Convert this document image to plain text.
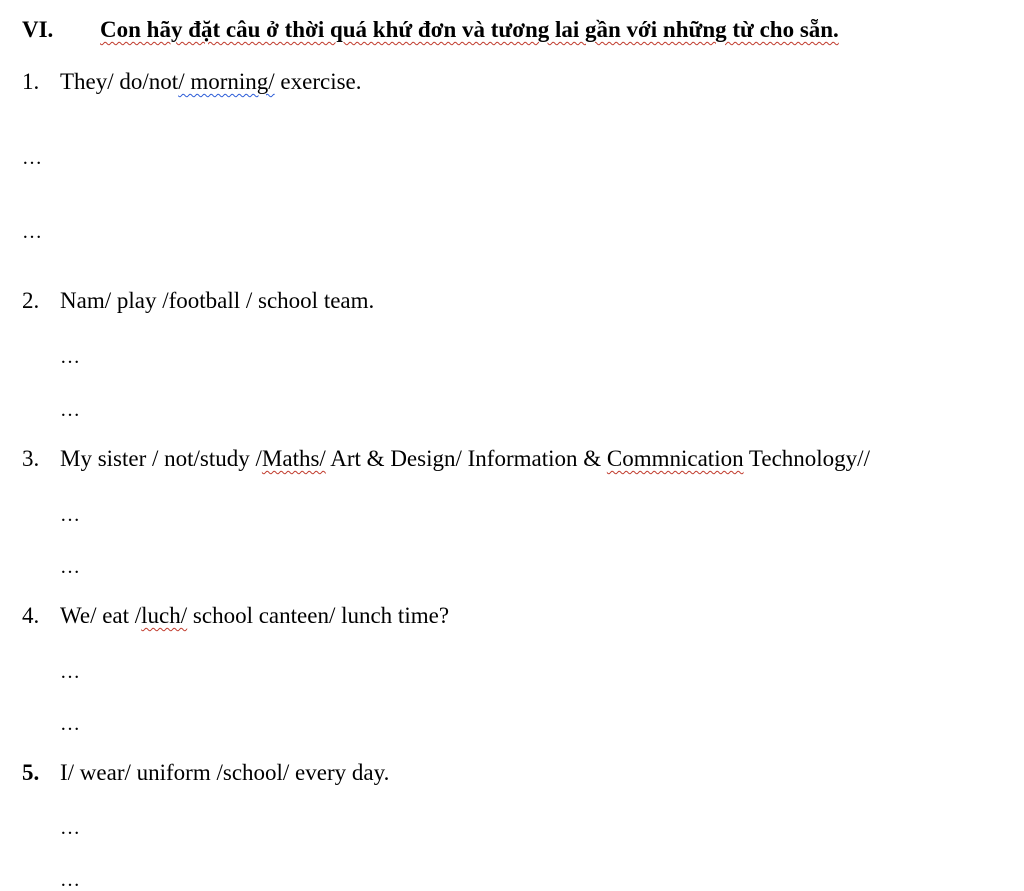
VI. Con hãy đặt câu ở thời quá khứ đơn và tương lai gần với những từ cho sẵn.
1. They/ do/not/ morning/ exercise.
…
…
2. Nam/ play /football / school team.
…
…
3. My sister / not/study /Maths/ Art & Design/ Information & Commnication Technology//
…
…
4. We/ eat /luch/ school canteen/ lunch time?
…
…
5. I/ wear/ uniform /school/ every day.
…
…
